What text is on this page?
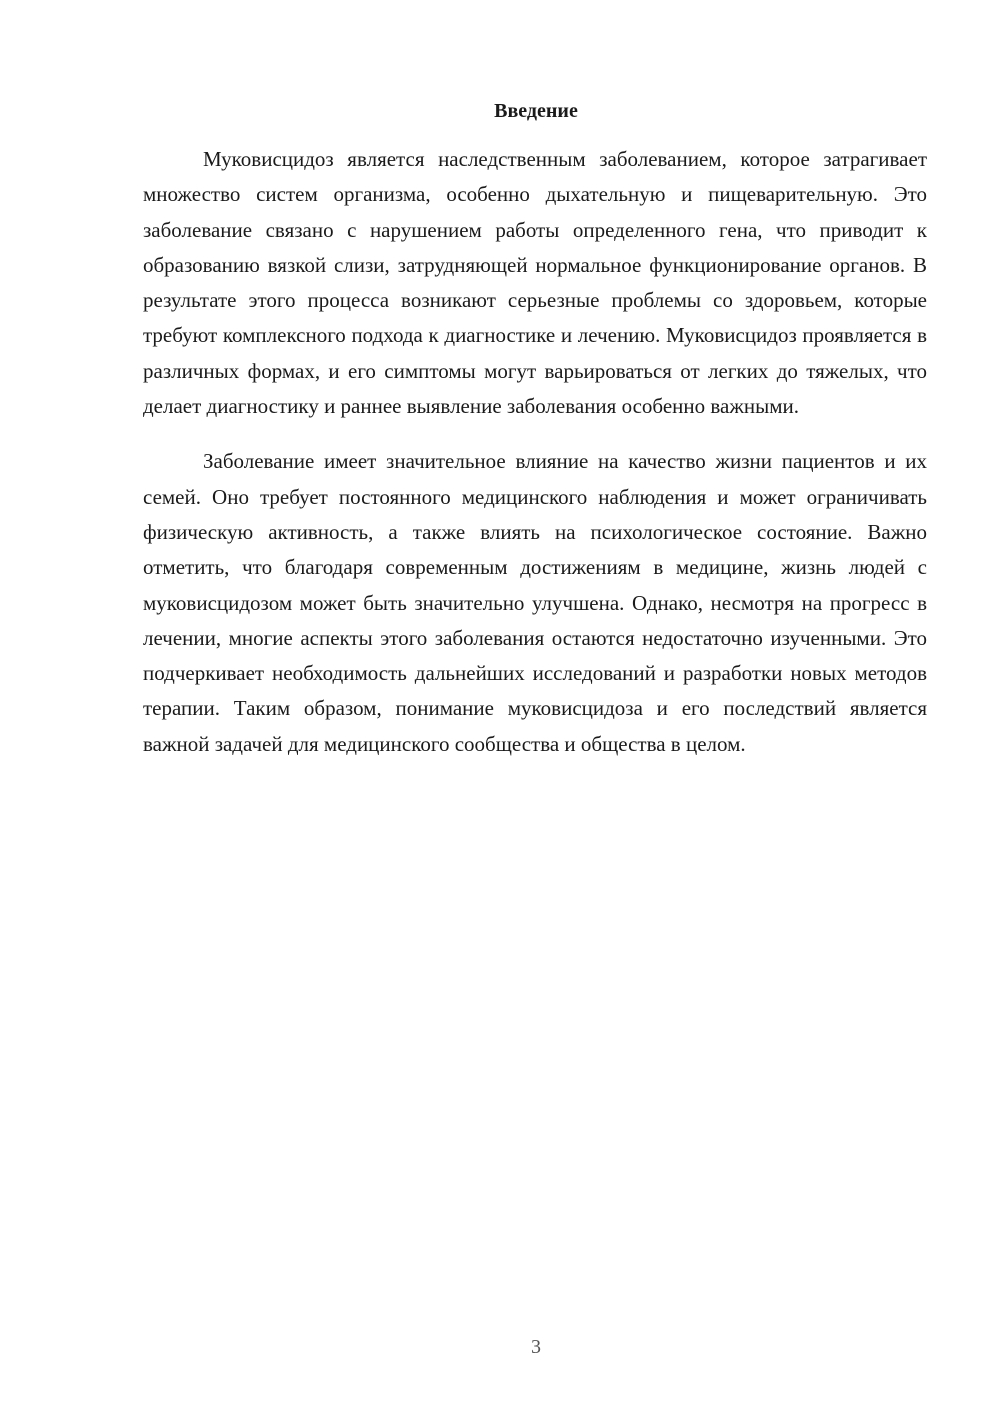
Введение

Муковисцидоз является наследственным заболеванием, которое затрагивает множество систем организма, особенно дыхательную и пищеварительную. Это заболевание связано с нарушением работы определенного гена, что приводит к образованию вязкой слизи, затрудняющей нормальное функционирование органов. В результате этого процесса возникают серьезные проблемы со здоровьем, которые требуют комплексного подхода к диагностике и лечению. Муковисцидоз проявляется в различных формах, и его симптомы могут варьироваться от легких до тяжелых, что делает диагностику и раннее выявление заболевания особенно важными.

Заболевание имеет значительное влияние на качество жизни пациентов и их семей. Оно требует постоянного медицинского наблюдения и может ограничивать физическую активность, а также влиять на психологическое состояние. Важно отметить, что благодаря современным достижениям в медицине, жизнь людей с муковисцидозом может быть значительно улучшена. Однако, несмотря на прогресс в лечении, многие аспекты этого заболевания остаются недостаточно изученными. Это подчеркивает необходимость дальнейших исследований и разработки новых методов терапии. Таким образом, понимание муковисцидоза и его последствий является важной задачей для медицинского сообщества и общества в целом.

3
